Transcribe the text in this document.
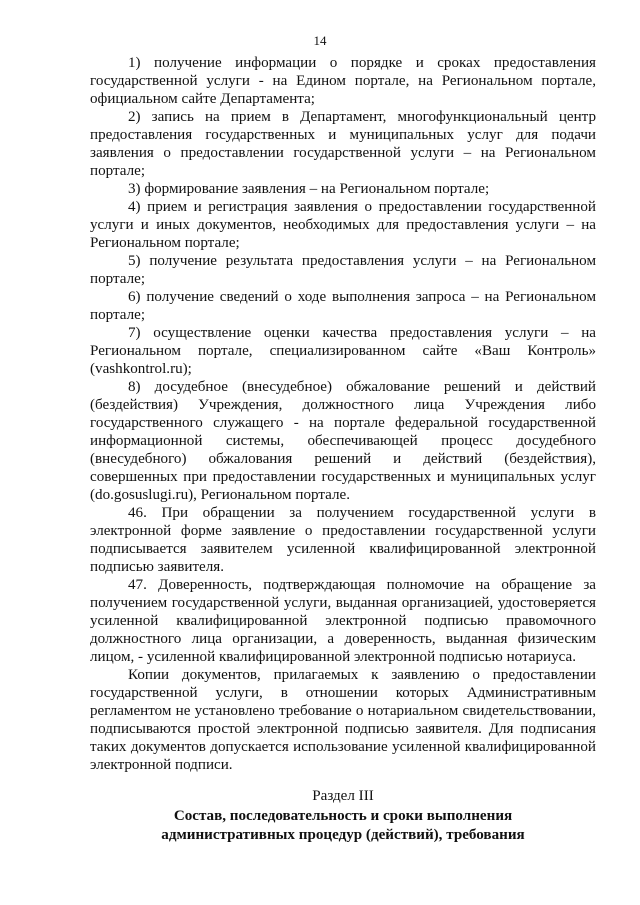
14

1) получение информации о порядке и сроках предоставления государственной услуги - на Едином портале, на Региональном портале, официальном сайте Департамента;

2) запись на прием в Департамент, многофункциональный центр предоставления государственных и муниципальных услуг для подачи заявления о предоставлении государственной услуги – на Региональном портале;

3) формирование заявления – на Региональном портале;

4) прием и регистрация заявления о предоставлении государственной услуги и иных документов, необходимых для предоставления услуги – на Региональном портале;

5) получение результата предоставления услуги – на Региональном портале;

6) получение сведений о ходе выполнения запроса – на Региональном портале;

7) осуществление оценки качества предоставления услуги – на Региональном портале, специализированном сайте «Ваш Контроль» (vashkontrol.ru);

8) досудебное (внесудебное) обжалование решений и действий (бездействия) Учреждения, должностного лица Учреждения либо государственного служащего - на портале федеральной государственной информационной системы, обеспечивающей процесс досудебного (внесудебного) обжалования решений и действий (бездействия), совершенных при предоставлении государственных и муниципальных услуг (do.gosuslugi.ru), Региональном портале.

46. При обращении за получением государственной услуги в электронной форме заявление о предоставлении государственной услуги подписывается заявителем усиленной квалифицированной электронной подписью заявителя.

47. Доверенность, подтверждающая полномочие на обращение за получением государственной услуги, выданная организацией, удостоверяется усиленной квалифицированной электронной подписью правомочного должностного лица организации, а доверенность, выданная физическим лицом, - усиленной квалифицированной электронной подписью нотариуса.

Копии документов, прилагаемых к заявлению о предоставлении государственной услуги, в отношении которых Административным регламентом не установлено требование о нотариальном свидетельствовании, подписываются простой электронной подписью заявителя. Для подписания таких документов допускается использование усиленной квалифицированной электронной подписи.

Раздел III
Состав, последовательность и сроки выполнения
административных процедур (действий), требования
